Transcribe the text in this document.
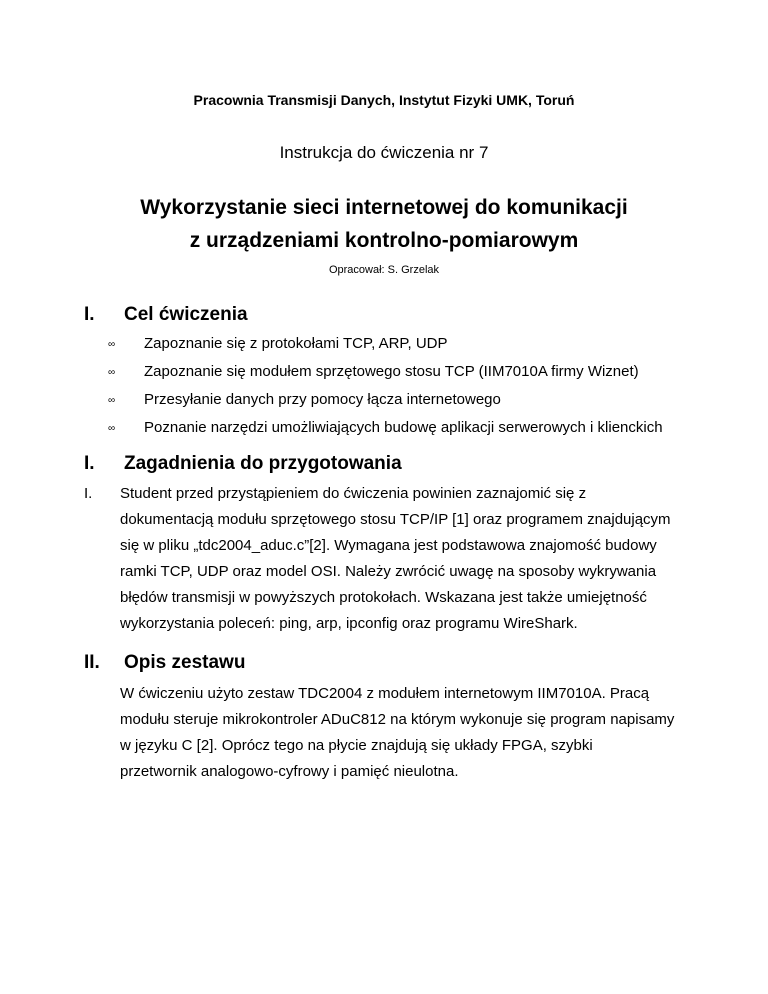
Pracownia Transmisji Danych, Instytut Fizyki UMK, Toruń
Instrukcja do ćwiczenia nr 7
Wykorzystanie sieci internetowej do komunikacji
z urządzeniami kontrolno-pomiarowym
Opracował: S. Grzelak
I. Cel ćwiczenia
∞ Zapoznanie się z protokołami TCP, ARP, UDP
∞ Zapoznanie się modułem sprzętowego stosu TCP (IIM7010A firmy Wiznet)
∞ Przesyłanie danych przy pomocy łącza internetowego
∞ Poznanie narzędzi umożliwiających budowę aplikacji serwerowych i klienckich
I. Zagadnienia do przygotowania
I. Student przed przystąpieniem do ćwiczenia powinien zaznajomić się z
dokumentacją modułu sprzętowego stosu TCP/IP [1] oraz programem znajdującym
się w pliku „tdc2004_aduc.c”[2]. Wymagana jest podstawowa znajomość budowy
ramki TCP, UDP oraz model OSI. Należy zwrócić uwagę na sposoby wykrywania
błędów transmisji w powyższych protokołach. Wskazana jest także umiejętność
wykorzystania poleceń: ping, arp, ipconfig oraz programu WireShark.
II. Opis zestawu
W ćwiczeniu użyto zestaw TDC2004 z modułem internetowym IIM7010A. Pracą
modułu steruje mikrokontroler ADuC812 na którym wykonuje się program napisamy
w języku C [2]. Oprócz tego na płycie znajdują się układy FPGA, szybki
przetwornik analogowo-cyfrowy i pamięć nieulotna.
